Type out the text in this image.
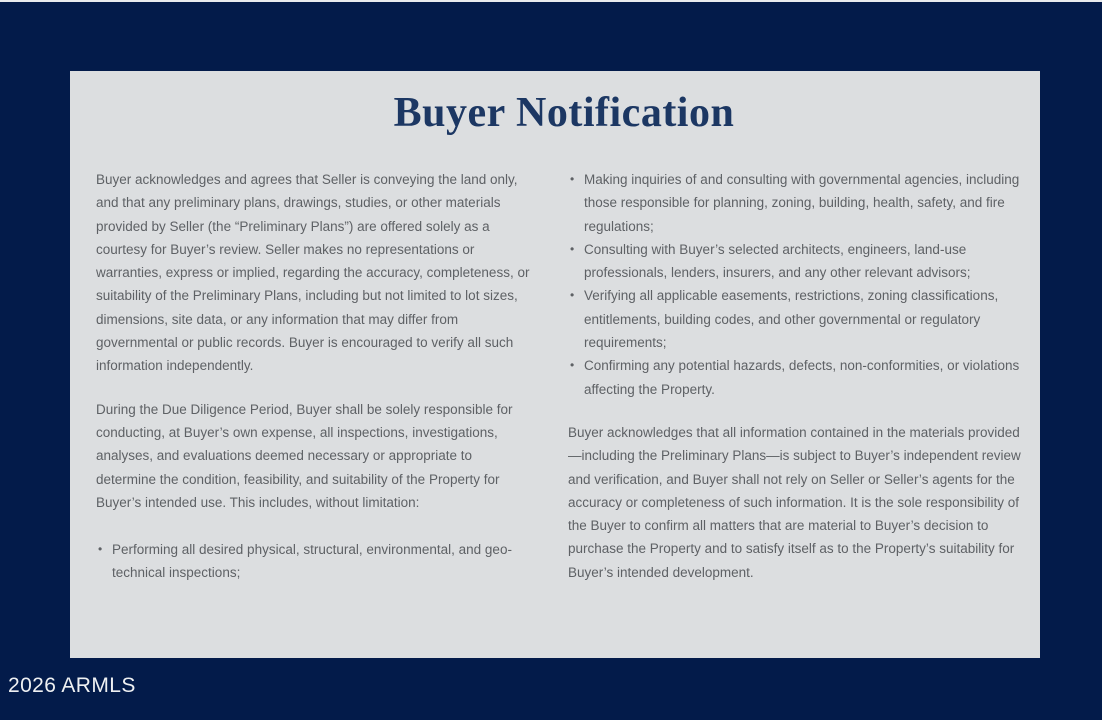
Buyer Notification

Buyer acknowledges and agrees that Seller is conveying the land only, and that any preliminary plans, drawings, studies, or other materials provided by Seller (the “Preliminary Plans”) are offered solely as a courtesy for Buyer’s review. Seller makes no representations or warranties, express or implied, regarding the accuracy, completeness, or suitability of the Preliminary Plans, including but not limited to lot sizes, dimensions, site data, or any information that may differ from governmental or public records. Buyer is encouraged to verify all such information independently.

During the Due Diligence Period, Buyer shall be solely responsible for conducting, at Buyer’s own expense, all inspections, investigations, analyses, and evaluations deemed necessary or appropriate to determine the condition, feasibility, and suitability of the Property for Buyer’s intended use. This includes, without limitation:

• Performing all desired physical, structural, environmental, and geo-technical inspections;
• Making inquiries of and consulting with governmental agencies, including those responsible for planning, zoning, building, health, safety, and fire regulations;
• Consulting with Buyer’s selected architects, engineers, land-use professionals, lenders, insurers, and any other relevant advisors;
• Verifying all applicable easements, restrictions, zoning classifications, entitlements, building codes, and other governmental or regulatory requirements;
• Confirming any potential hazards, defects, non-conformities, or violations affecting the Property.

Buyer acknowledges that all information contained in the materials provided—including the Preliminary Plans—is subject to Buyer’s independent review and verification, and Buyer shall not rely on Seller or Seller’s agents for the accuracy or completeness of such information. It is the sole responsibility of the Buyer to confirm all matters that are material to Buyer’s decision to purchase the Property and to satisfy itself as to the Property’s suitability for Buyer’s intended development.

2026 ARMLS
